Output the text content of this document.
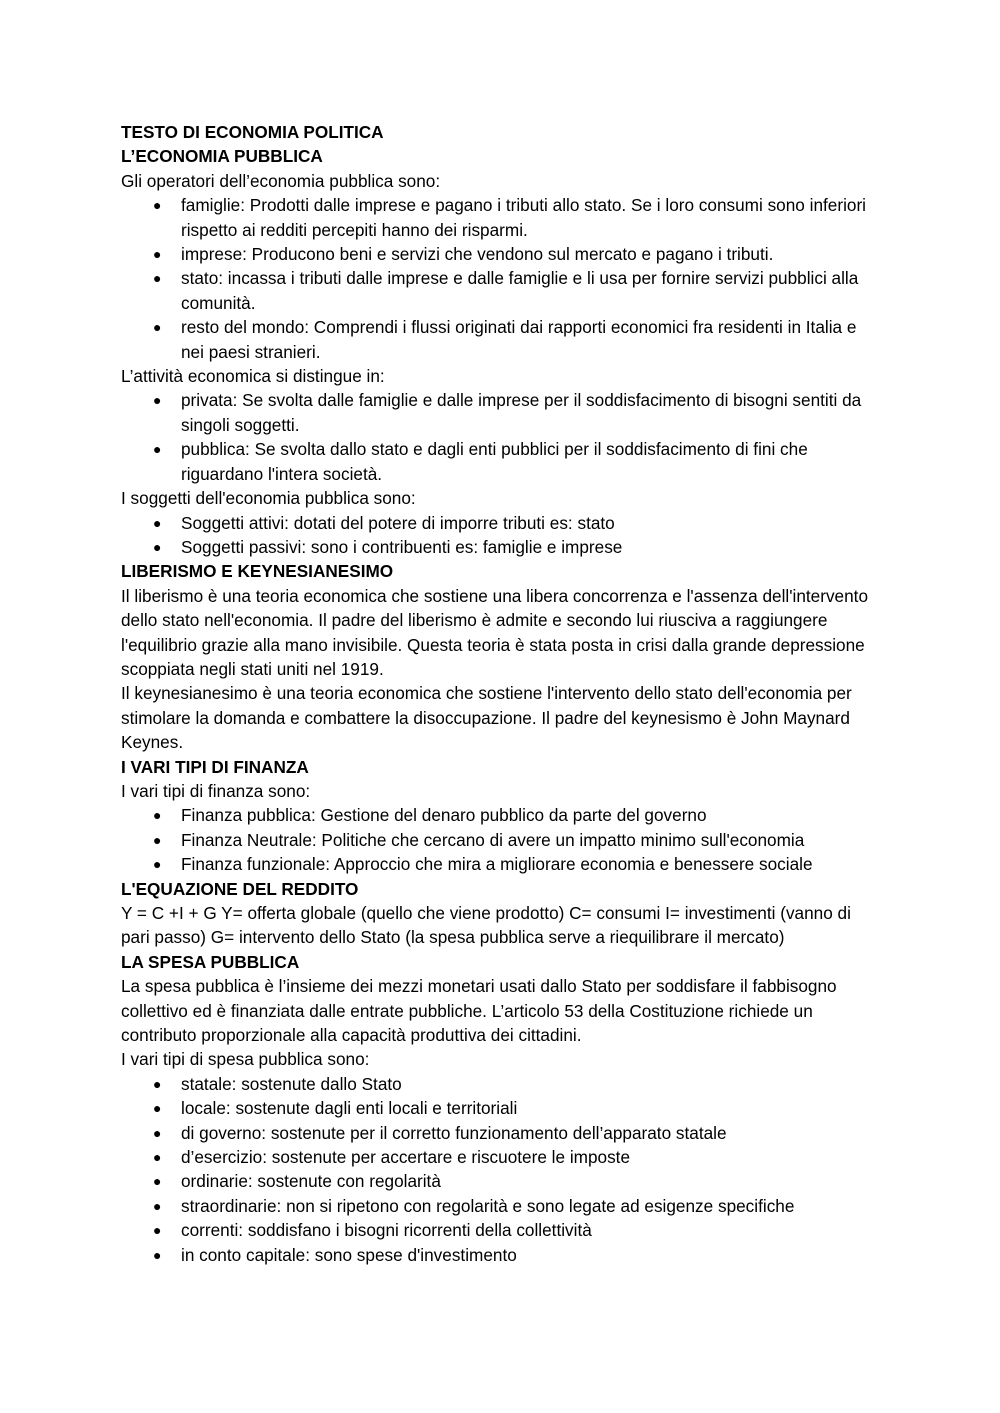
TESTO DI ECONOMIA POLITICA

L’ECONOMIA PUBBLICA

Gli operatori dell’economia pubblica sono:

● famiglie: Prodotti dalle imprese e pagano i tributi allo stato. Se i loro consumi sono inferiori rispetto ai redditi percepiti hanno dei risparmi.
● imprese: Producono beni e servizi che vendono sul mercato e pagano i tributi.
● stato: incassa i tributi dalle imprese e dalle famiglie e li usa per fornire servizi pubblici alla comunità.
● resto del mondo: Comprendi i flussi originati dai rapporti economici fra residenti in Italia e nei paesi stranieri.

L’attività economica si distingue in:

● privata: Se svolta dalle famiglie e dalle imprese per il soddisfacimento di bisogni sentiti da singoli soggetti.
● pubblica: Se svolta dallo stato e dagli enti pubblici per il soddisfacimento di fini che riguardano l'intera società.

I soggetti dell'economia pubblica sono:

● Soggetti attivi: dotati del potere di imporre tributi es: stato
● Soggetti passivi: sono i contribuenti es: famiglie e imprese

LIBERISMO E KEYNESIANESIMO

Il liberismo è una teoria economica che sostiene una libera concorrenza e l'assenza dell'intervento dello stato nell'economia. Il padre del liberismo è admite e secondo lui riusciva a raggiungere l'equilibrio grazie alla mano invisibile. Questa teoria è stata posta in crisi dalla grande depressione scoppiata negli stati uniti nel 1919.

Il keynesianesimo è una teoria economica che sostiene l'intervento dello stato dell'economia per stimolare la domanda e combattere la disoccupazione. Il padre del keynesismo è John Maynard Keynes.

I VARI TIPI DI FINANZA

I vari tipi di finanza sono:

● Finanza pubblica: Gestione del denaro pubblico da parte del governo
● Finanza Neutrale: Politiche che cercano di avere un impatto minimo sull'economia
● Finanza funzionale: Approccio che mira a migliorare economia e benessere sociale

L'EQUAZIONE DEL REDDITO

Y = C +I + G Y= offerta globale (quello che viene prodotto) C= consumi I= investimenti (vanno di pari passo) G= intervento dello Stato (la spesa pubblica serve a riequilibrare il mercato)

LA SPESA PUBBLICA

La spesa pubblica è l’insieme dei mezzi monetari usati dallo Stato per soddisfare il fabbisogno collettivo ed è finanziata dalle entrate pubbliche. L’articolo 53 della Costituzione richiede un contributo proporzionale alla capacità produttiva dei cittadini.

I vari tipi di spesa pubblica sono:

● statale: sostenute dallo Stato
● locale: sostenute dagli enti locali e territoriali
● di governo: sostenute per il corretto funzionamento dell’apparato statale
● d’esercizio: sostenute per accertare e riscuotere le imposte
● ordinarie: sostenute con regolarità
● straordinarie: non si ripetono con regolarità e sono legate ad esigenze specifiche
● correnti: soddisfano i bisogni ricorrenti della collettività
● in conto capitale: sono spese d'investimento
